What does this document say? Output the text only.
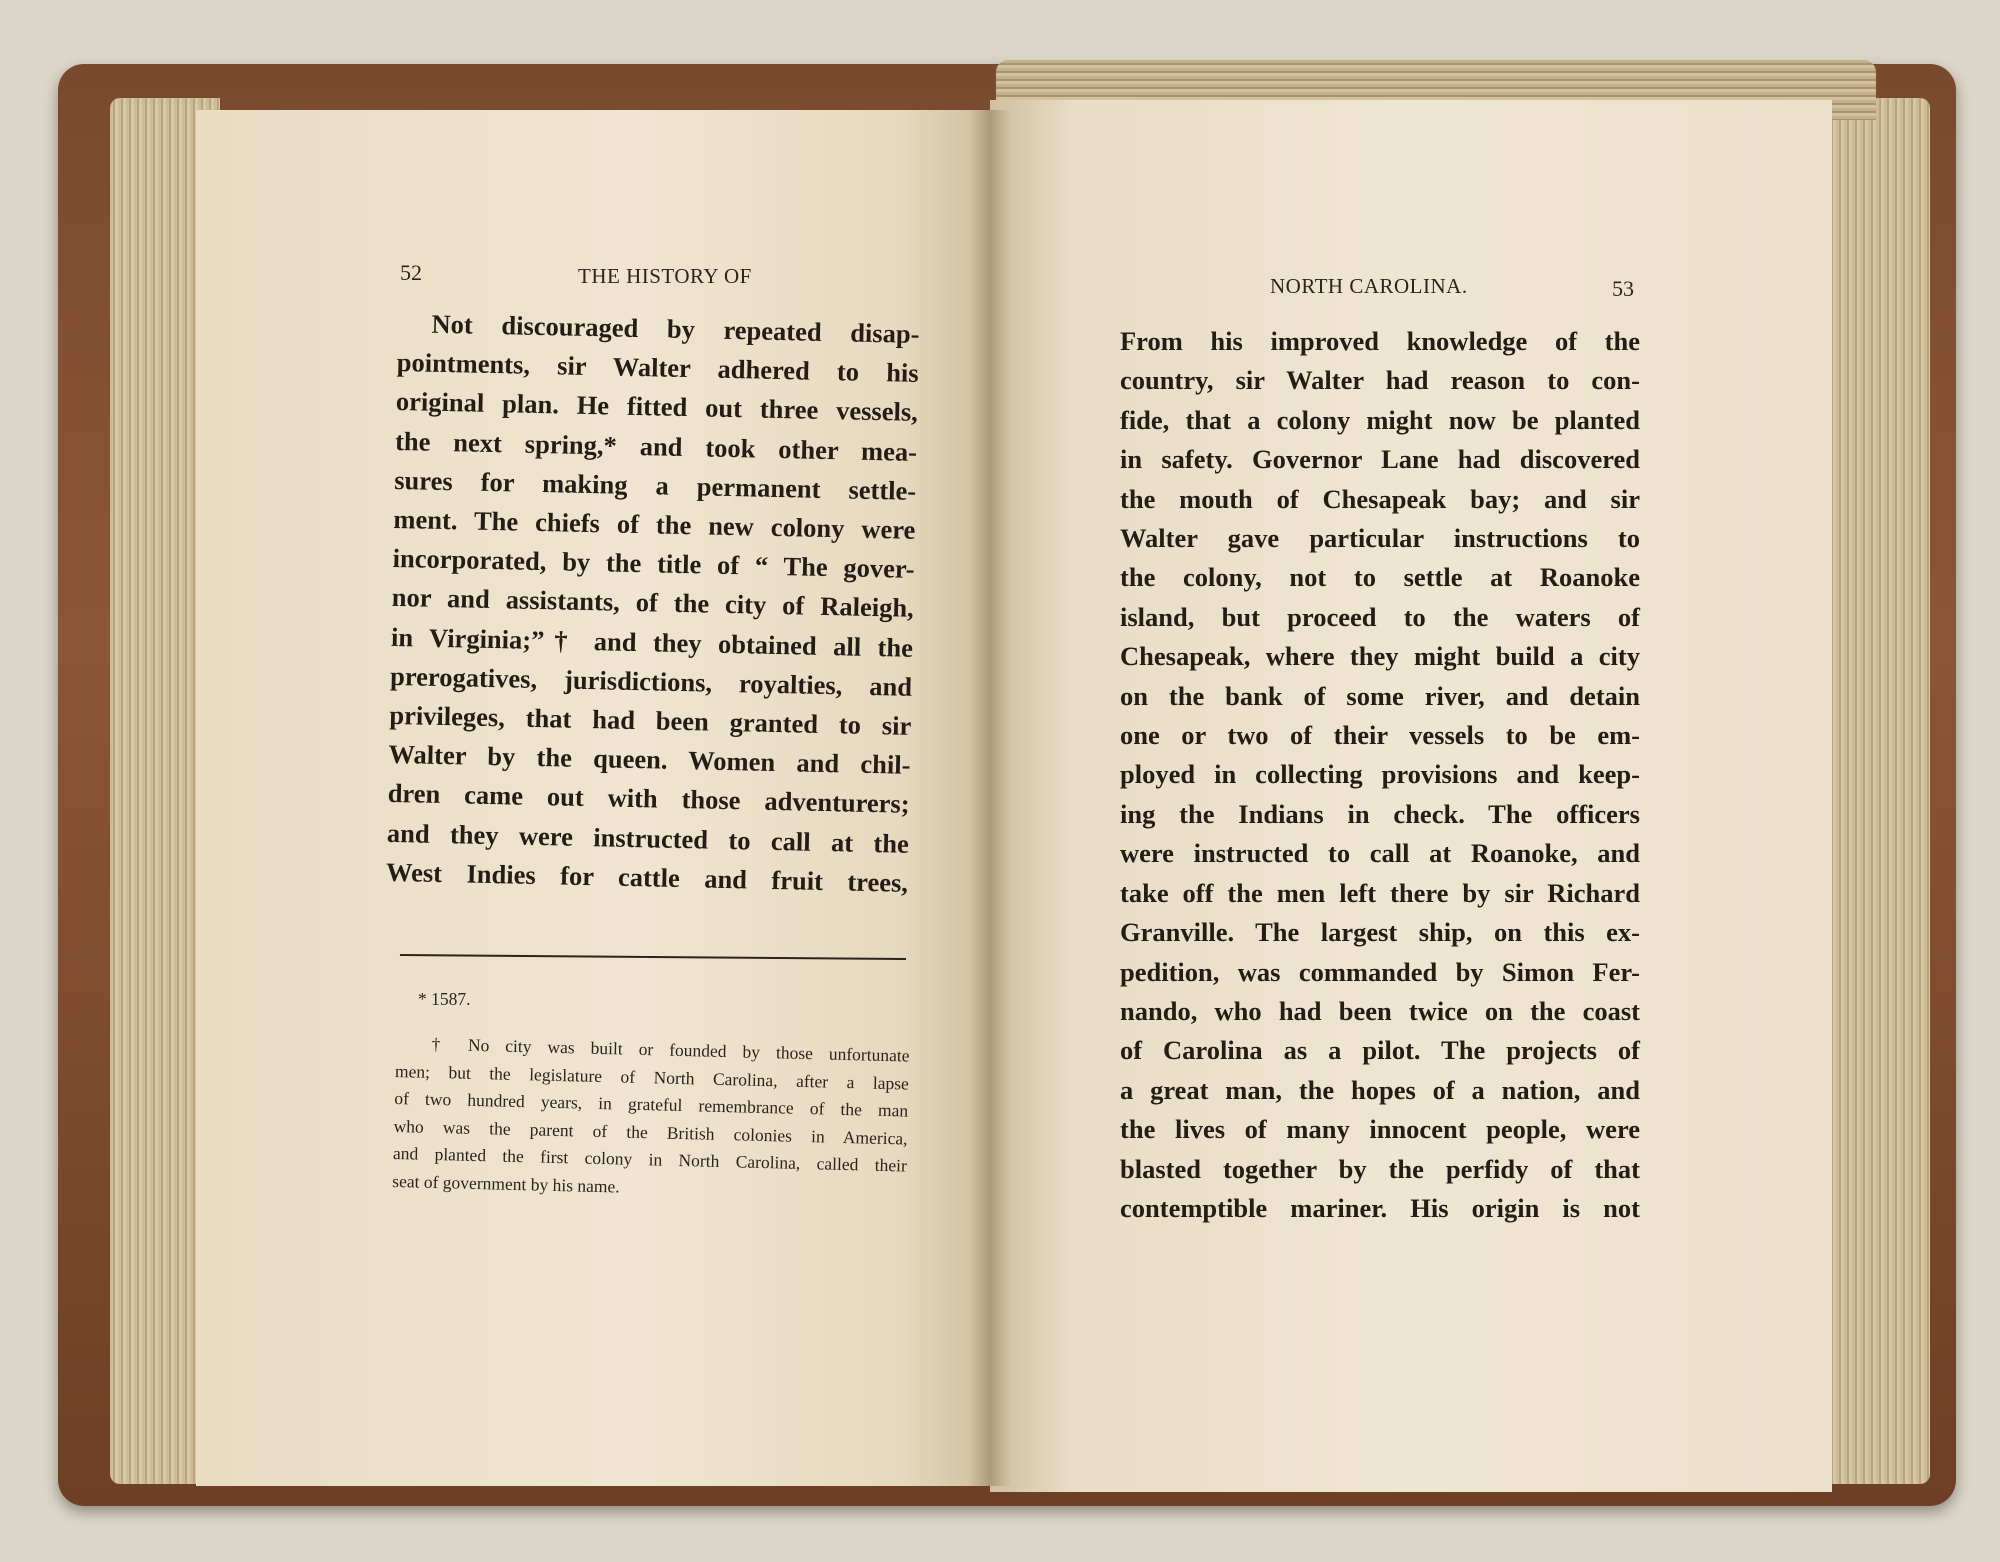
52	THE HISTORY OF
Not discouraged by repeated disap-
pointments, sir Walter adhered to his
original plan. He fitted out three vessels,
the next spring,* and took other mea-
sures for making a permanent settle-
ment. The chiefs of the new colony were
incorporated, by the title of “ The gover-
nor and assistants, of the city of Raleigh,
in Virginia;”† and they obtained all the
prerogatives, jurisdictions, royalties, and
privileges, that had been granted to sir
Walter by the queen. Women and chil-
dren came out with those adventurers;
and they were instructed to call at the
West Indies for cattle and fruit trees,

* 1587.

† No city was built or founded by those unfortunate
men; but the legislature of North Carolina, after a lapse
of two hundred years, in grateful remembrance of the man
who was the parent of the British colonies in America,
and planted the first colony in North Carolina, called their
seat of government by his name.

NORTH CAROLINA.	53
From his improved knowledge of the
country, sir Walter had reason to con-
fide, that a colony might now be planted
in safety. Governor Lane had discovered
the mouth of Chesapeak bay; and sir
Walter gave particular instructions to
the colony, not to settle at Roanoke
island, but proceed to the waters of
Chesapeak, where they might build a city
on the bank of some river, and detain
one or two of their vessels to be em-
ployed in collecting provisions and keep-
ing the Indians in check. The officers
were instructed to call at Roanoke, and
take off the men left there by sir Richard
Granville. The largest ship, on this ex-
pedition, was commanded by Simon Fer-
nando, who had been twice on the coast
of Carolina as a pilot. The projects of
a great man, the hopes of a nation, and
the lives of many innocent people, were
blasted together by the perfidy of that
contemptible mariner. His origin is not
